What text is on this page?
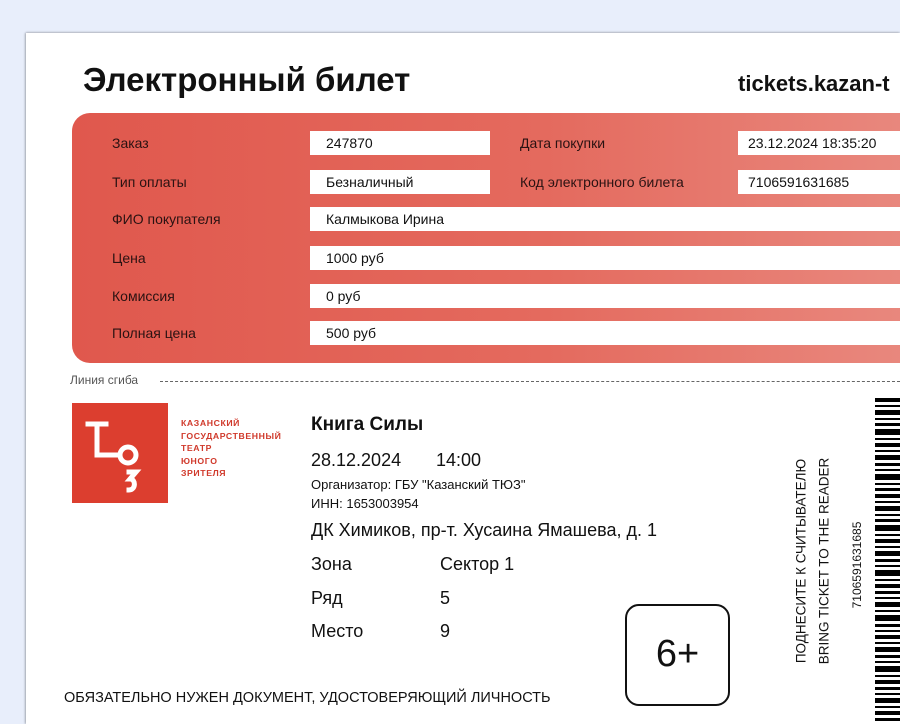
Электронный билет	tickets.kazan-t
Заказ	247870	Дата покупки	23.12.2024 18:35:20
Тип оплаты	Безналичный	Код электронного билета	7106591631685
ФИО покупателя	Калмыкова Ирина
Цена	1000 руб
Комиссия	0 руб
Полная цена	500 руб
Линия сгиба
КАЗАНСКИЙ
ГОСУДАРСТВЕННЫЙ
ТЕАТР
ЮНОГО
ЗРИТЕЛЯ
Книга Силы
28.12.2024 14:00
Организатор: ГБУ "Казанский ТЮЗ"
ИНН: 1653003954
ДК Химиков, пр-т. Хусаина Ямашева, д. 1
Зона	Сектор 1
Ряд	5
Место	9
6+
ОБЯЗАТЕЛЬНО НУЖЕН ДОКУМЕНТ, УДОСТОВЕРЯЮЩИЙ ЛИЧНОСТЬ
ПОДНЕСИТЕ К СЧИТЫВАТЕЛЮ BRING TICKET TO THE READER 7106591631685
